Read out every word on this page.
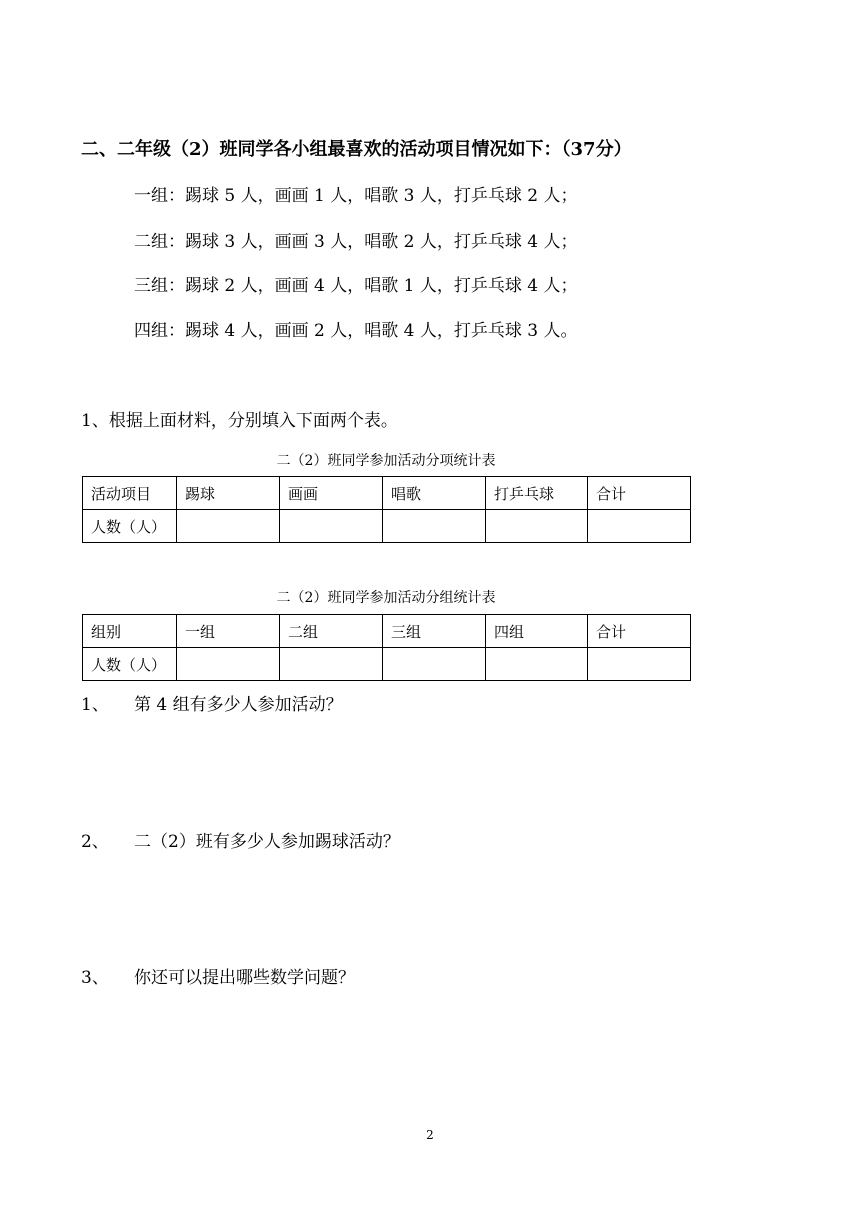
二、二年级（2）班同学各小组最喜欢的活动项目情况如下：（37分）
一组：踢球 5 人，画画 1 人，唱歌 3 人，打乒乓球 2 人；
二组：踢球 3 人，画画 3 人，唱歌 2 人，打乒乓球 4 人；
三组：踢球 2 人，画画 4 人，唱歌 1 人，打乒乓球 4 人；
四组：踢球 4 人，画画 2 人，唱歌 4 人，打乒乓球 3 人。
1、根据上面材料，分别填入下面两个表。
二（2）班同学参加活动分项统计表
活动项目	踢球	画画	唱歌	打乒乓球	合计
人数（人）					
二（2）班同学参加活动分组统计表
组别	一组	二组	三组	四组	合计
人数（人）					
1、 第 4 组有多少人参加活动？
2、 二（2）班有多少人参加踢球活动？
3、 你还可以提出哪些数学问题？
2
